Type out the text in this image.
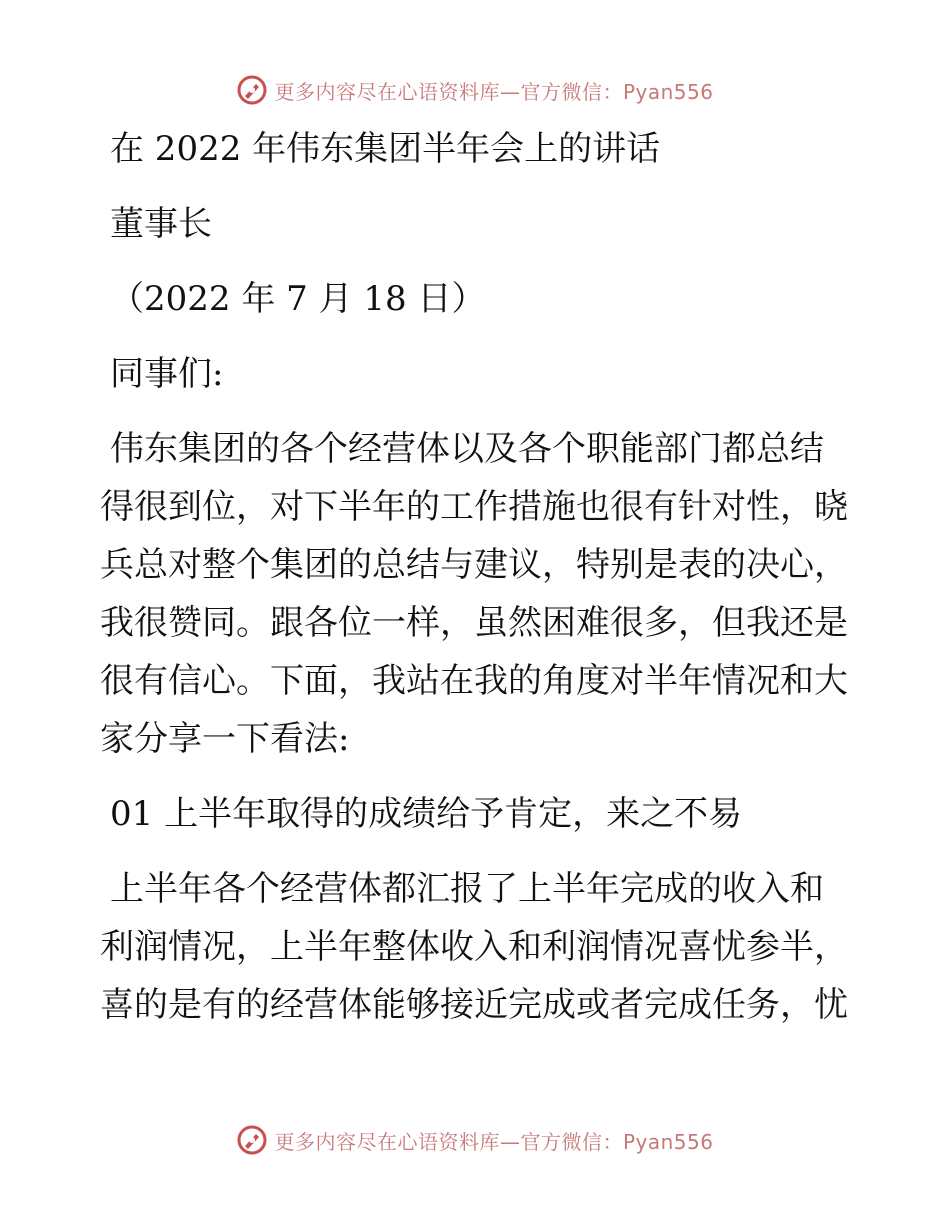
更多内容尽在心语资料库—官方微信：Pyan556

在 2022 年伟东集团半年会上的讲话

董事长

（2022 年 7 月 18 日）

同事们:

伟东集团的各个经营体以及各个职能部门都总结

得很到位，对下半年的工作措施也很有针对性，晓

兵总对整个集团的总结与建议，特别是表的决心，

我很赞同。跟各位一样，虽然困难很多，但我还是

很有信心。下面，我站在我的角度对半年情况和大

家分享一下看法:

01 上半年取得的成绩给予肯定，来之不易

上半年各个经营体都汇报了上半年完成的收入和

利润情况，上半年整体收入和利润情况喜忧参半，

喜的是有的经营体能够接近完成或者完成任务，忧

更多内容尽在心语资料库—官方微信：Pyan556
